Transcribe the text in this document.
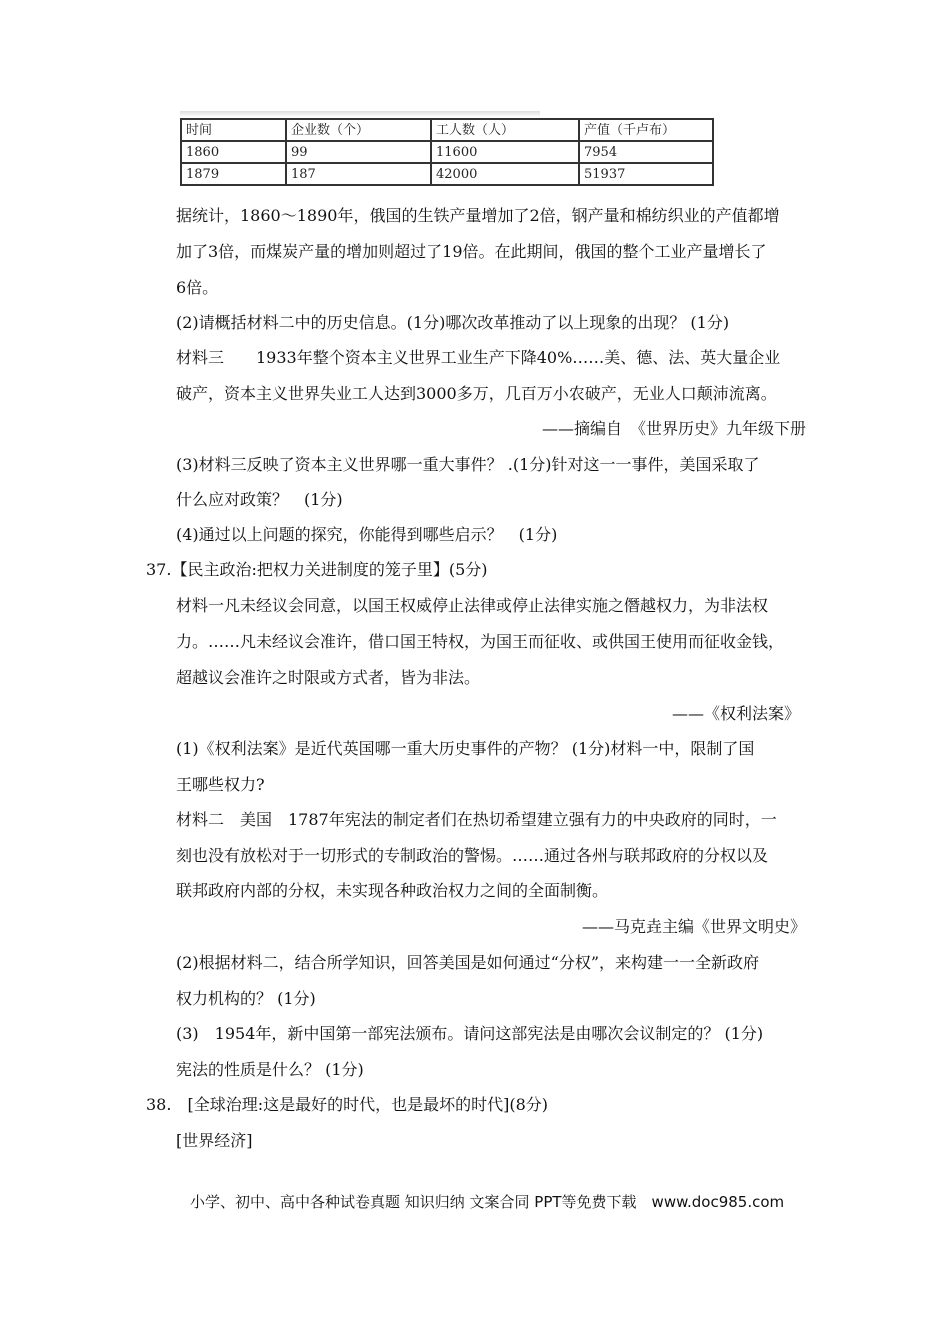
时间	企业数（个）	工人数（人）	产值（千卢布）
1860	99	11600	7954
1879	187	42000	51937
据统计，1860～1890年，俄国的生铁产量增加了2倍，钢产量和棉纺织业的产值都增
加了3倍，而煤炭产量的增加则超过了19倍。在此期间，俄国的整个工业产量增长了
6倍。
(2)请概括材料二中的历史信息。(1分)哪次改革推动了以上现象的出现？ (1分)
材料三　　1933年整个资本主义世界工业生产下降40%……美、德、法、英大量企业
破产，资本主义世界失业工人达到3000多万，几百万小农破产，无业人口颠沛流离。
——摘编自　《世界历史》九年级下册
(3)材料三反映了资本主义世界哪一重大事件？ .(1分)针对这一一事件，美国采取了
什么应对政策？　(1分)
(4)通过以上问题的探究，你能得到哪些启示？　(1分)
37.【民主政治:把权力关进制度的笼子里】(5分)
材料一凡未经议会同意，以国王权威停止法律或停止法律实施之僭越权力，为非法权
力。……凡未经议会准许，借口国王特权，为国王而征收、或供国王使用而征收金钱，
超越议会准许之时限或方式者，皆为非法。
——《权利法案》
(1)《权利法案》是近代英国哪一重大历史事件的产物？ (1分)材料一中，限制了国
王哪些权力?
材料二　美国　1787年宪法的制定者们在热切希望建立强有力的中央政府的同时，一
刻也没有放松对于一切形式的专制政治的警惕。……通过各州与联邦政府的分权以及
联邦政府内部的分权，未实现各种政治权力之间的全面制衡。
——马克垚主编《世界文明史》
(2)根据材料二，结合所学知识，回答美国是如何通过“分权”，来构建一一全新政府
权力机构的？ (1分)
(3)　1954年，新中国第一部宪法颁布。请问这部宪法是由哪次会议制定的？ (1分)
宪法的性质是什么？ (1分)
38.　[全球治理:这是最好的时代，也是最坏的时代](8分)
[世界经济]
小学、初中、高中各种试卷真题 知识归纳 文案合同 PPT等免费下载　www.doc985.com
